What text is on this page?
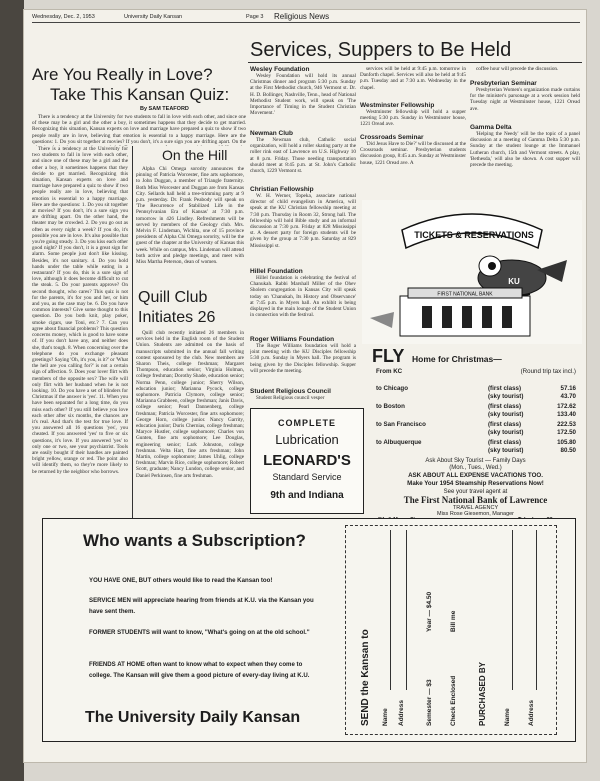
Wednesday, Dec. 2, 1953	University Daily Kansan	Page 3 Religious News
Are You Really in Love?
Take This Kansan Quiz:
By SAM TEAFORD

There is a tendency at the University for two students to fall in love with each other, and since one of these may be a girl and the other a boy, it sometimes happens that they decide to get married. Recognizing this situation, Kansan experts on love and marriage have prepared a quiz to show if two people really are in love, believing that emotion is essential to a happy marriage. Here are the questions: 1. Do you sit together at movies? If you don't, it's a sure sign you are drifting apart. On the

There is a tendency at the University for two students to fall in love with each other, and since one of these may be a girl and the other a boy, it sometimes happens that they decide to get married. Recognizing this situation, Kansan experts on love and marriage have prepared a quiz to show if two people really are in love, believing that emotion is essential to a happy marriage. Here are the questions: 1. Do you sit together at movies? If you don't, it's a sure sign you are drifting apart. On the other hand, the theater may be crowded. 2. Do you go out as often as every night a week? If you do, it's possible you are in love. It's also possible that you're going steady. 3. Do you kiss each other good night? If you don't, it is a great sign for alarm. Some people just don't like kissing. Besides, it's not sanitary. 4. Do you hold hands under the table while eating in a restaurant? If you do, this is a sure sign of love, although it does become difficult to cut the steak. 5. Do your parents approve? On second thought, who cares? This quiz is not for the parents, it's for you and her, or him and you, as the case may be. 6. Do you have common interests? Give some thought to this question. Do you both knit, play poker, smoke cigars, use Toni, etc.? 7. Can you agree about financial problems? This question concerns money, which is good to have some of. If you don't have any, and neither does she, that's tough. 8. When concerning over the telephone do you exchange pleasant greetings? Saying 'Oh, it's you, is it?' or 'What the hell are you calling for?' is not a certain sign of affection. 9. Does your lover flirt with members of the opposite sex? The wife will only flirt with her husband when he is not looking. 10. Do you have a set of blinders for Christmas if the answer is 'yes'. 11. When you have been separated for a long time, do you miss each other? If you still believe you love each other after six months, the chances are it's real. And that's the test for true love. If you answered all 16 questions 'yes', you cheated. If you answered 'yes' to five or six questions, it's love. If you answered 'yes' to only one or two, see your psychiatrist. Tools are easily bought if their handles are painted bright yellow, orange or red. The point also will identify them, so they're more likely to be returned by the neighbor who borrows.

On the Hill

Alpha Chi Omega sorority announces the pinning of Patricia Worcester, fine arts sophomore, to John Duggan, a member of Triangle fraternity. Both Miss Worcester and Duggan are from Kansas City. Sellards hall held a tree-trimming party at 9 p.m. yesterday. Dr. Frank Peabody will speak on 'The Recurrence of Stabilized Life in the Pennsylvanian Era of Kansas' at 7:30 p.m. tomorrow in 426 Lindley. Refreshments will be served by members of the Geology club. Mrs. Melvin F. Lindeman, Wichita, one of 15 province presidents of Alpha Chi Omega sorority, will be the guest of the chapter at the University of Kansas this week. While on campus, Mrs. Lindeman will attend both active and pledge meetings, and meet with Miss Martha Peterson, dean of women.

Quill Club
Initiates 26

Quill club recently initiated 26 members in services held in the English room of the Student Union. Students are admitted on the basis of manuscripts submitted in the annual fall writing contest sponsored by the club. New members are Sharon Theis, college freshman; Margaret Thompson, education senior; Virginia Holman, college freshman; Dorothy Shade, education senior; Norma Penn, college junior; Sherry Wilson, education junior; Marianna Pycock, college sophomore. Patricia Clymore, college senior; Marianna Grabbeen, college freshman; Janis Davis, college senior; Pearl Dannenberg, college freshman; Patricia Worcester, fine arts sophomore; George Horn, college junior. Nancy Garrity, education junior; Duris Chernias, college freshman; Maryce Hustler, college sophomore; Charles von Gunten, fine arts sophomore; Lee Douglas, engineering senior; Lark Johnston, college freshman. Velta Hart, fine arts freshman; John Martin, college sophomore; James Uhlig, college freshman; Marvin Rice, college sophomore; Robert Scott, graduate; Nancy Lundon, college senior, and Daniel Perkinsen, fine arts freshman.

Services, Suppers to Be Held
Wesley Foundation

Wesley Foundation will hold its annual Christmas dinner and program 5:30 p.m. Sunday at the First Methodist church, 946 Vermont st. Dr. H. D. Bollinger, Nashville, Tenn., head of National Methodist Student work, will speak on 'The Importance of Timing in the Student Christian Movement.'

Newman Club

The Newman club, Catholic social organization, will hold a roller skating party at the roller rink east of Lawrence on U.S. Highway 10 at 8 p.m. Friday. Those needing transportation should meet at 8:45 p.m. at St. John's Catholic church, 1229 Vermont st.

Christian Fellowship

W. H. Werner, Topeka, associate national director of child evangelism in America, will speak at the KU Christian fellowship meeting at 7:30 p.m. Thursday in Room 32, Strong hall. The fellowship will hold Bible study and an informal discussion at 7:30 p.m. Friday at 828 Mississippi st. A dessert party for foreign students will be given by the group at 7:30 p.m. Saturday at 829 Mississippi st.

Hillel Foundation

Hillel foundation is celebrating the festival of Chanukah. Rabbi Marshall Miller of the Ohev Sholem congregation in Kansas City will speak today on 'Chanukah, Its History and Observance' at 7:45 p.m. in Myers hall. An exhibit is being displayed in the main lounge of the Student Union in connection with the festival.

Roger Williams Foundation

The Roger Williams foundation will hold a joint meeting with the KU Disciples fellowship 5:30 p.m. Sunday in Myers hall. The program is being given by the Disciples fellowship. Supper will precede the meeting.

Student Religious Council

Student Religious council vesper

services will be held at 9:45 p.m. tomorrow in Danforth chapel. Services will also be held at 9:45 p.m. Tuesday and at 7:30 a.m. Wednesday in the chapel.

Westminster Fellowship

Westminster fellowship will hold a supper meeting 5:30 p.m. Sunday in Westminster house, 1221 Oread ave.

Crossroads Seminar

'Did Jesus Have to Die?' will be discussed at the Crossroads seminar. Presbyterian students discussion group, 8:45 a.m. Sunday at Westminster house, 1221 Oread ave. A

coffee hour will precede the discussion.

Presbyterian Seminar

Presbyterian Women's organization made curtains for the minister's parsonage at a work session held Tuesday night at Westminster house, 1221 Oread ave.

Gamma Delta

'Helping the Needy' will be the topic of a panel discussion at a meeting of Gamma Delta 5:30 p.m. Sunday at the student lounge at the Immanuel Lutheran church, 15th and Vermont streets. A play, 'Bethesda,' will also be shown. A cost supper will precede the meeting.

TICKETS & RESERVATIONS
KU
FIRST NATIONAL BANK
COMPLETE
Lubrication
LEONARD'S
Standard Service
9th and Indiana
FLY Home for Christmas—
From KC	(Round trip tax incl.)
to Chicago	(first class)	57.16
(sky tourist)	43.70
to Boston	(first class)	172.62
(sky tourist)	133.40
to San Francisco	(first class)	222.53
(sky tourist)	172.50
to Albuquerque	(first class)	105.80
(sky tourist)	80.50
Ask About Sky Tourist — Family Days
(Mon., Tues., Wed.)
ASK ABOUT ALL EXPENSE VACATIONS TOO.
Make Your 1954 Steamship Reservations Now!
See your travel agent at
The First National Bank of Lawrence
TRAVEL AGENCY
Miss Rose Giesemon, Manager
Who wants a Subscription?
YOU HAVE ONE, BUT others would like to read the Kansan too!
SERVICE MEN will appreciate hearing from friends at K.U. via the Kansan you have sent them.
FORMER STUDENTS will want to know, "What's going on at the old school."
FRIENDS AT HOME often want to know what to expect when they come to college. The Kansan will give them a good picture of every-day living at K.U.
The University Daily Kansan	SEND the Kansan to Name Address	Semester — $3
Year — $4.50
Check Enclosed
Bill me
PURCHASED BY	Name	Address
